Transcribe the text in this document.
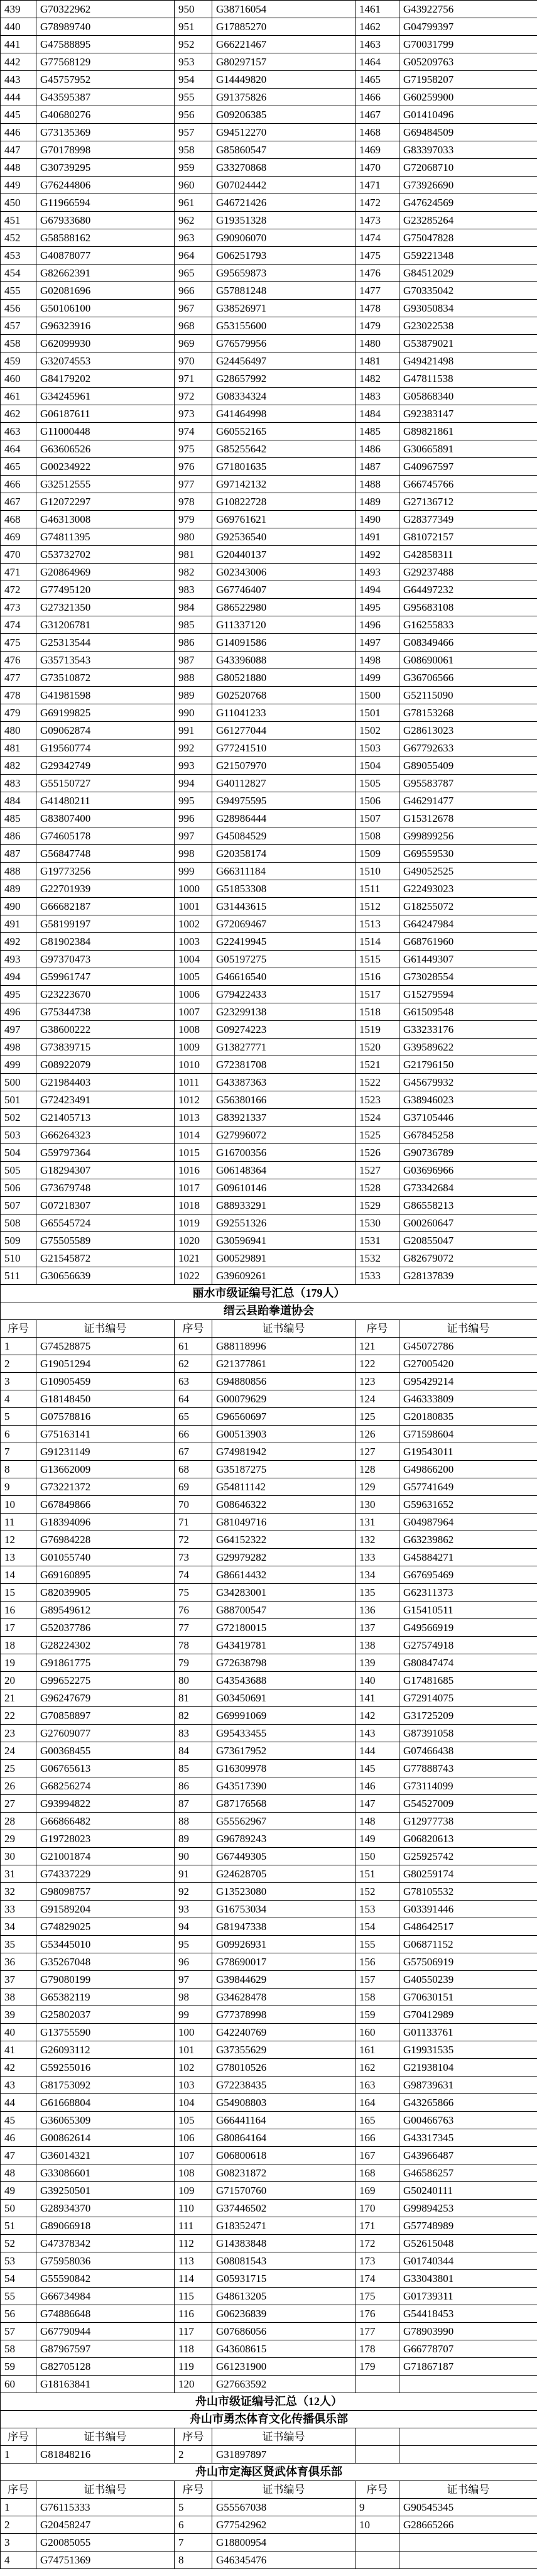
439	G70322962	950	G38716054	1461	G43922756
440	G78989740	951	G17885270	1462	G04799397
441	G47588895	952	G66221467	1463	G70031799
442	G77568129	953	G80297157	1464	G05209763
443	G45757952	954	G14449820	1465	G71958207
444	G43595387	955	G91375826	1466	G60259900
445	G40680276	956	G09206385	1467	G01410496
446	G73135369	957	G94512270	1468	G69484509
447	G70178998	958	G85860547	1469	G83397033
448	G30739295	959	G33270868	1470	G72068710
449	G76244806	960	G07024442	1471	G73926690
450	G11966594	961	G46721426	1472	G47624569
451	G67933680	962	G19351328	1473	G23285264
452	G58588162	963	G90906070	1474	G75047828
453	G40878077	964	G06251793	1475	G59221348
454	G82662391	965	G95659873	1476	G84512029
455	G02081696	966	G57881248	1477	G70335042
456	G50106100	967	G38526971	1478	G93050834
457	G96323916	968	G53155600	1479	G23022538
458	G62099930	969	G76579956	1480	G53879021
459	G32074553	970	G24456497	1481	G49421498
460	G84179202	971	G28657992	1482	G47811538
461	G34245961	972	G08334324	1483	G05868340
462	G06187611	973	G41464998	1484	G92383147
463	G11000448	974	G60552165	1485	G89821861
464	G63606526	975	G85255642	1486	G30665891
465	G00234922	976	G71801635	1487	G40967597
466	G32512555	977	G97142132	1488	G66745766
467	G12072297	978	G10822728	1489	G27136712
468	G46313008	979	G69761621	1490	G28377349
469	G74811395	980	G92536540	1491	G81072157
470	G53732702	981	G20440137	1492	G42858311
471	G20864969	982	G02343006	1493	G29237488
472	G77495120	983	G67746407	1494	G64497232
473	G27321350	984	G86522980	1495	G95683108
474	G31206781	985	G11337120	1496	G16255833
475	G25313544	986	G14091586	1497	G08349466
476	G35713543	987	G43396088	1498	G08690061
477	G73510872	988	G80521880	1499	G36706566
478	G41981598	989	G02520768	1500	G52115090
479	G69199825	990	G11041233	1501	G78153268
480	G09062874	991	G61277044	1502	G28613023
481	G19560774	992	G77241510	1503	G67792633
482	G29342749	993	G21507970	1504	G89055409
483	G55150727	994	G40112827	1505	G95583787
484	G41480211	995	G94975595	1506	G46291477
485	G83807400	996	G28986444	1507	G15312678
486	G74605178	997	G45084529	1508	G99899256
487	G56847748	998	G20358174	1509	G69559530
488	G19773256	999	G66311184	1510	G49052525
489	G22701939	1000	G51853308	1511	G22493023
490	G66682187	1001	G31443615	1512	G18255072
491	G58199197	1002	G72069467	1513	G64247984
492	G81902384	1003	G22419945	1514	G68761960
493	G97370473	1004	G05197275	1515	G61449307
494	G59961747	1005	G46616540	1516	G73028554
495	G23223670	1006	G79422433	1517	G15279594
496	G75344738	1007	G23299138	1518	G61509548
497	G38600222	1008	G09274223	1519	G33233176
498	G73839715	1009	G13827771	1520	G39589622
499	G08922079	1010	G72381708	1521	G21796150
500	G21984403	1011	G43387363	1522	G45679932
501	G72423491	1012	G56380166	1523	G38946023
502	G21405713	1013	G83921337	1524	G37105446
503	G66264323	1014	G27996072	1525	G67845258
504	G59797364	1015	G16700356	1526	G90736789
505	G18294307	1016	G06148364	1527	G03696966
506	G73679748	1017	G09610146	1528	G73342684
507	G07218307	1018	G88933291	1529	G86558213
508	G65545724	1019	G92551326	1530	G00260647
509	G75505589	1020	G30596941	1531	G20855047
510	G21545872	1021	G00529891	1532	G82679072
511	G30656639	1022	G39609261	1533	G28137839
丽水市级证编号汇总（179人）					
缙云县跆拳道协会					
序号	证书编号	序号	证书编号	序号	证书编号
1	G74528875	61	G88118996	121	G45072786
2	G19051294	62	G21377861	122	G27005420
3	G10905459	63	G94880856	123	G95429214
4	G18148450	64	G00079629	124	G46333809
5	G07578816	65	G96560697	125	G20180835
6	G75163141	66	G00513903	126	G71598604
7	G91231149	67	G74981942	127	G19543011
8	G13662009	68	G35187275	128	G49866200
9	G73221372	69	G54811142	129	G57741649
10	G67849866	70	G08646322	130	G59631652
11	G18394096	71	G81049716	131	G04987964
12	G76984228	72	G64152322	132	G63239862
13	G01055740	73	G29979282	133	G45884271
14	G69160895	74	G86614432	134	G67695469
15	G82039905	75	G34283001	135	G62311373
16	G89549612	76	G88700547	136	G15410511
17	G52037786	77	G72180015	137	G49566919
18	G28224302	78	G43419781	138	G27574918
19	G91861775	79	G72638798	139	G80847474
20	G99652275	80	G43543688	140	G17481685
21	G96247679	81	G03450691	141	G72914075
22	G70858897	82	G69991069	142	G31725209
23	G27609077	83	G95433455	143	G87391058
24	G00368455	84	G73617952	144	G07466438
25	G06765613	85	G16309978	145	G77888743
26	G68256274	86	G43517390	146	G73114099
27	G93994822	87	G87176568	147	G54527009
28	G66866482	88	G55562967	148	G12977738
29	G19728023	89	G96789243	149	G06820613
30	G21001874	90	G67449305	150	G25925742
31	G74337229	91	G24628705	151	G80259174
32	G98098757	92	G13523080	152	G78105532
33	G91589204	93	G16753034	153	G03391446
34	G74829025	94	G81947338	154	G48642517
35	G53445010	95	G09926931	155	G06871152
36	G35267048	96	G78690017	156	G57506919
37	G79080199	97	G39844629	157	G40550239
38	G65382119	98	G34628478	158	G70630151
39	G25802037	99	G77378998	159	G70412989
40	G13755590	100	G42240769	160	G01133761
41	G26093112	101	G37355629	161	G19931535
42	G59255016	102	G78010526	162	G21938104
43	G81753092	103	G72238435	163	G98739631
44	G61668804	104	G54908803	164	G43265866
45	G36065309	105	G66441164	165	G00466763
46	G00862614	106	G80864164	166	G43317345
47	G36014321	107	G06800618	167	G43966487
48	G33086601	108	G08231872	168	G46586257
49	G39250501	109	G71570760	169	G50240111
50	G28934370	110	G37446502	170	G99894253
51	G89066918	111	G18352471	171	G57748989
52	G47378342	112	G14383848	172	G52615048
53	G75958036	113	G08081543	173	G01740344
54	G55590842	114	G05931715	174	G33043801
55	G66734984	115	G48613205	175	G01739311
56	G74886648	116	G06236839	176	G54418453
57	G67790944	117	G07686056	177	G78903990
58	G87967597	118	G43608615	178	G66778707
59	G82705128	119	G61231900	179	G71867187
60	G18163841	120	G27663592		
舟山市级证编号汇总（12人）					
舟山市勇杰体育文化传播俱乐部					
序号	证书编号	序号	证书编号		
1	G81848216	2	G31897897		
舟山市定海区贤武体育俱乐部					
序号	证书编号	序号	证书编号	序号	证书编号
1	G76115333	5	G55567038	9	G90545345
2	G20458247	6	G77542962	10	G28665266
3	G20085055	7	G18800954		
4	G74751369	8	G46345476		
